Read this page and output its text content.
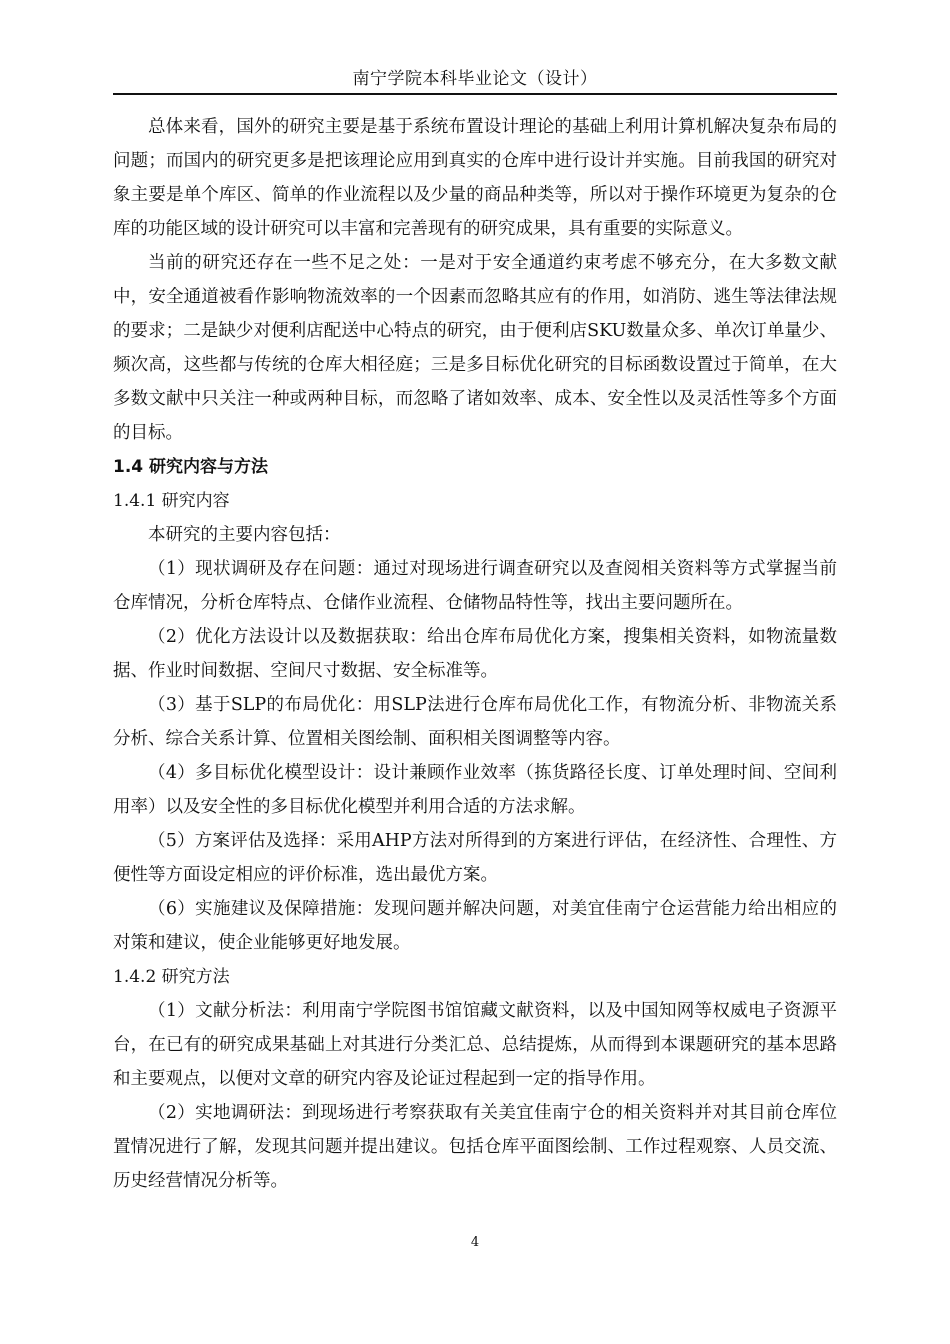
南宁学院本科毕业论文（设计）

总体来看，国外的研究主要是基于系统布置设计理论的基础上利用计算机解决复杂布局的问题；而国内的研究更多是把该理论应用到真实的仓库中进行设计并实施。目前我国的研究对象主要是单个库区、简单的作业流程以及少量的商品种类等，所以对于操作环境更为复杂的仓库的功能区域的设计研究可以丰富和完善现有的研究成果，具有重要的实际意义。

当前的研究还存在一些不足之处：一是对于安全通道约束考虑不够充分，在大多数文献中，安全通道被看作影响物流效率的一个因素而忽略其应有的作用，如消防、逃生等法律法规的要求；二是缺少对便利店配送中心特点的研究，由于便利店SKU数量众多、单次订单量少、频次高，这些都与传统的仓库大相径庭；三是多目标优化研究的目标函数设置过于简单，在大多数文献中只关注一种或两种目标，而忽略了诸如效率、成本、安全性以及灵活性等多个方面的目标。

1.4 研究内容与方法

1.4.1 研究内容

本研究的主要内容包括：

（1）现状调研及存在问题：通过对现场进行调查研究以及查阅相关资料等方式掌握当前仓库情况，分析仓库特点、仓储作业流程、仓储物品特性等，找出主要问题所在。

（2）优化方法设计以及数据获取：给出仓库布局优化方案，搜集相关资料，如物流量数据、作业时间数据、空间尺寸数据、安全标准等。

（3）基于SLP的布局优化：用SLP法进行仓库布局优化工作，有物流分析、非物流关系分析、综合关系计算、位置相关图绘制、面积相关图调整等内容。

（4）多目标优化模型设计：设计兼顾作业效率（拣货路径长度、订单处理时间、空间利用率）以及安全性的多目标优化模型并利用合适的方法求解。

（5）方案评估及选择：采用AHP方法对所得到的方案进行评估，在经济性、合理性、方便性等方面设定相应的评价标准，选出最优方案。

（6）实施建议及保障措施：发现问题并解决问题，对美宜佳南宁仓运营能力给出相应的对策和建议，使企业能够更好地发展。

1.4.2 研究方法

（1）文献分析法：利用南宁学院图书馆馆藏文献资料，以及中国知网等权威电子资源平台，在已有的研究成果基础上对其进行分类汇总、总结提炼，从而得到本课题研究的基本思路和主要观点，以便对文章的研究内容及论证过程起到一定的指导作用。

（2）实地调研法：到现场进行考察获取有关美宜佳南宁仓的相关资料并对其目前仓库位置情况进行了解，发现其问题并提出建议。包括仓库平面图绘制、工作过程观察、人员交流、历史经营情况分析等。

4
